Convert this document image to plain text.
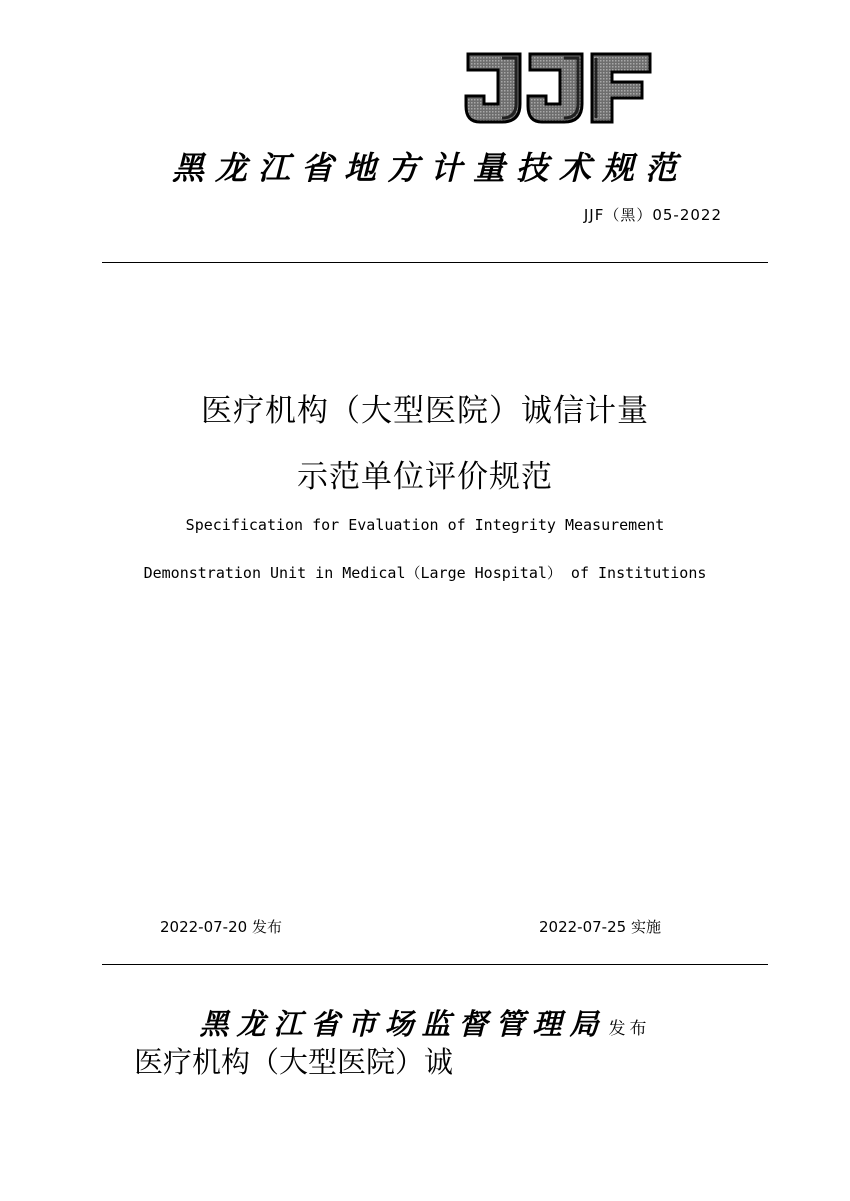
黑龙江省地方计量技术规范
JJF（黑）05-2022
医疗机构（大型医院）诚信计量
示范单位评价规范
Specification for Evaluation of Integrity Measurement
Demonstration Unit in Medical（Large Hospital） of Institutions
2022-07-20 发布	2022-07-25 实施
黑龙江省市场监督管理局 发布
医疗机构（大型医院）诚
